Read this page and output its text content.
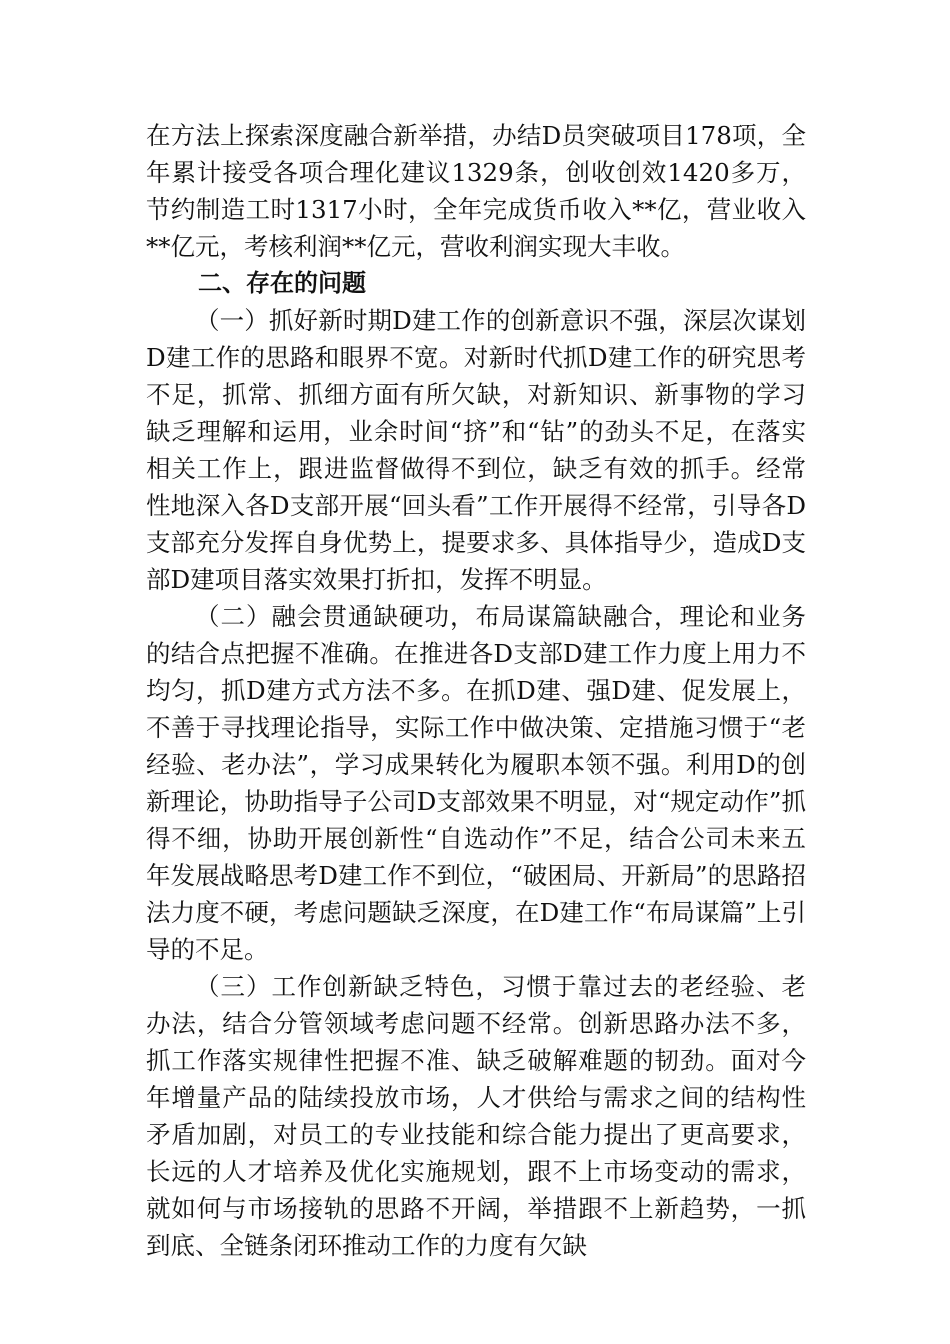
在方法上探索深度融合新举措，办结D员突破项目178项，全年累计接受各项合理化建议1329条，创收创效1420多万，节约制造工时1317小时，全年完成货币收入**亿，营业收入**亿元，考核利润**亿元，营收利润实现大丰收。

二、存在的问题

（一）抓好新时期D建工作的创新意识不强，深层次谋划D建工作的思路和眼界不宽。对新时代抓D建工作的研究思考不足，抓常、抓细方面有所欠缺，对新知识、新事物的学习缺乏理解和运用，业余时间“挤”和“钻”的劲头不足，在落实相关工作上，跟进监督做得不到位，缺乏有效的抓手。经常性地深入各D支部开展“回头看”工作开展得不经常，引导各D支部充分发挥自身优势上，提要求多、具体指导少，造成D支部D建项目落实效果打折扣，发挥不明显。

（二）融会贯通缺硬功，布局谋篇缺融合，理论和业务的结合点把握不准确。在推进各D支部D建工作力度上用力不均匀，抓D建方式方法不多。在抓D建、强D建、促发展上，不善于寻找理论指导，实际工作中做决策、定措施习惯于“老经验、老办法”，学习成果转化为履职本领不强。利用D的创新理论，协助指导子公司D支部效果不明显，对“规定动作”抓得不细，协助开展创新性“自选动作”不足，结合公司未来五年发展战略思考D建工作不到位，“破困局、开新局”的思路招法力度不硬，考虑问题缺乏深度，在D建工作“布局谋篇”上引导的不足。

（三）工作创新缺乏特色，习惯于靠过去的老经验、老办法，结合分管领域考虑问题不经常。创新思路办法不多，抓工作落实规律性把握不准、缺乏破解难题的韧劲。面对今年增量产品的陆续投放市场，人才供给与需求之间的结构性矛盾加剧，对员工的专业技能和综合能力提出了更高要求，长远的人才培养及优化实施规划，跟不上市场变动的需求，就如何与市场接轨的思路不开阔，举措跟不上新趋势，一抓到底、全链条闭环推动工作的力度有欠缺
